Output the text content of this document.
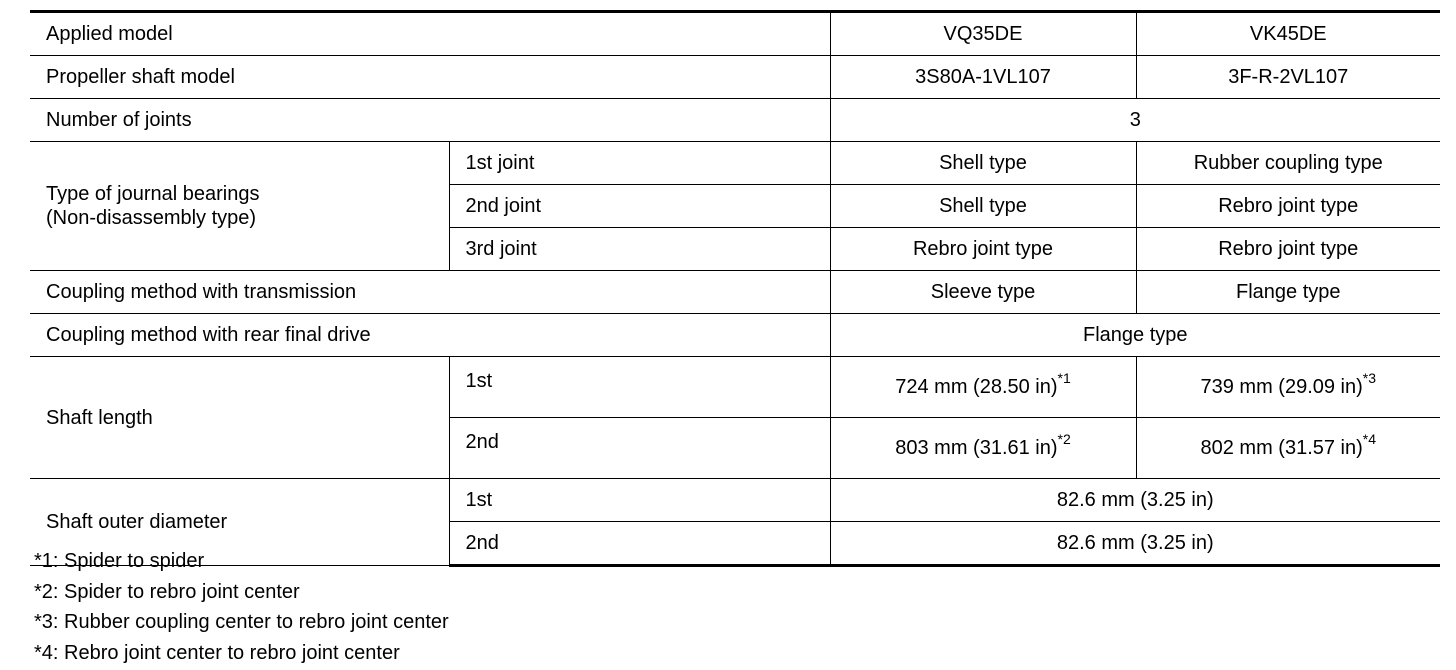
Applied model		VQ35DE	VK45DE
Propeller shaft model		3S80A-1VL107	3F-R-2VL107
Number of joints		3	
Type of journal bearings
(Non-disassembly type)	1st joint	Shell type	Rubber coupling type
	2nd joint	Shell type	Rebro joint type
	3rd joint	Rebro joint type	Rebro joint type
Coupling method with transmission		Sleeve type	Flange type
Coupling method with rear final drive		Flange type	
Shaft length	1st	724 mm (28.50 in)$^{*1}$	739 mm (29.09 in)$^{*3}$
	2nd	803 mm (31.61 in)$^{*2}$	802 mm (31.57 in)$^{*4}$
Shaft outer diameter	1st	82.6 mm (3.25 in)	
	2nd	82.6 mm (3.25 in)	
*1: Spider to spider
*2: Spider to rebro joint center
*3: Rubber coupling center to rebro joint center
*4: Rebro joint center to rebro joint center
